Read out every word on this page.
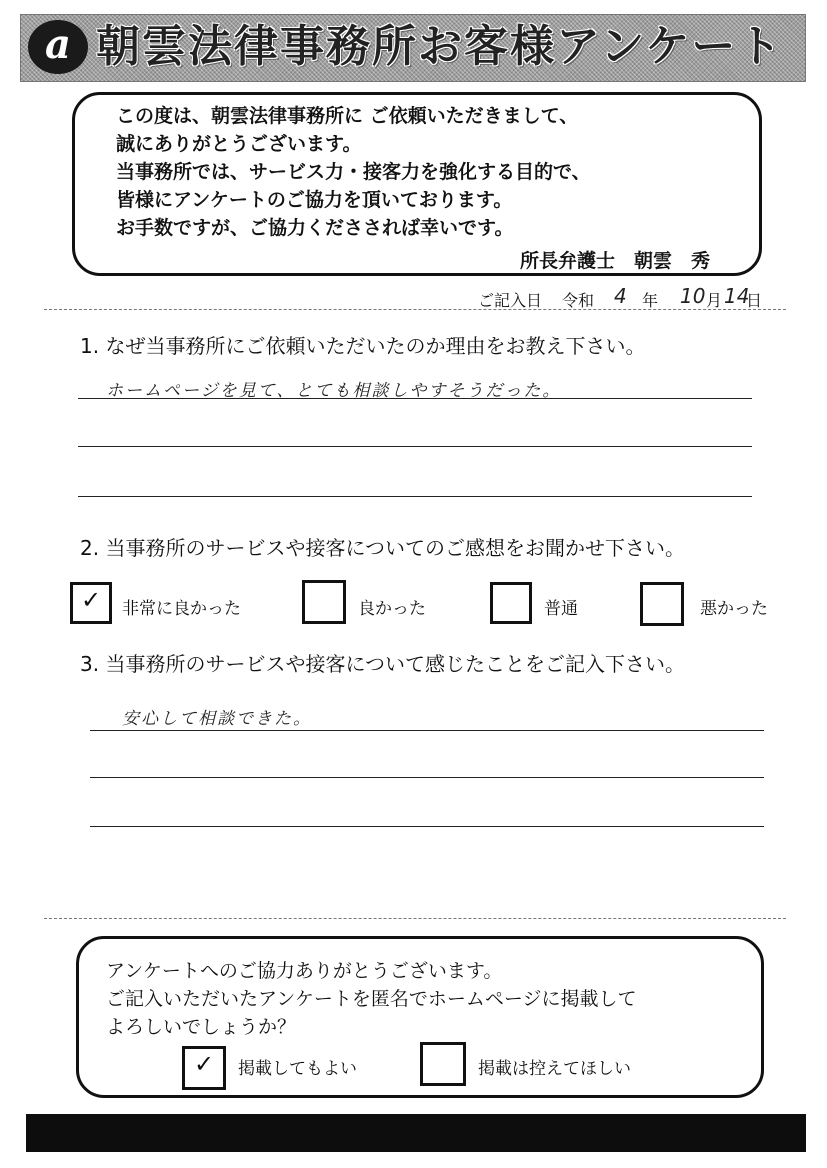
a 朝雲法律事務所お客様アンケート
この度は、朝雲法律事務所に ご依頼いただきまして、
誠にありがとうございます。
当事務所では、サービス力・接客力を強化する目的で、
皆様にアンケートのご協力を頂いております。
お手数ですが、ご協力くださされば幸いです。
所長弁護士　朝雲　秀
ご記入日 令和 4 年 10 月 14
日
1. なぜ当事務所にご依頼いただいたのか理由をお教え下さい。
ホームページを見て、とても相談しやすそうだった。
2. 当事務所のサービスや接客についてのご感想をお聞かせ下さい。
✓	非常に良かった	良かった	普通	悪かった
3. 当事務所のサービスや接客について感じたことをご記入下さい。
安心して相談できた。
アンケートへのご協力ありがとうございます。
ご記入いただいたアンケートを匿名でホームページに掲載して
よろしいでしょうか？
✓	掲載してもよい	掲載は控えてほしい
